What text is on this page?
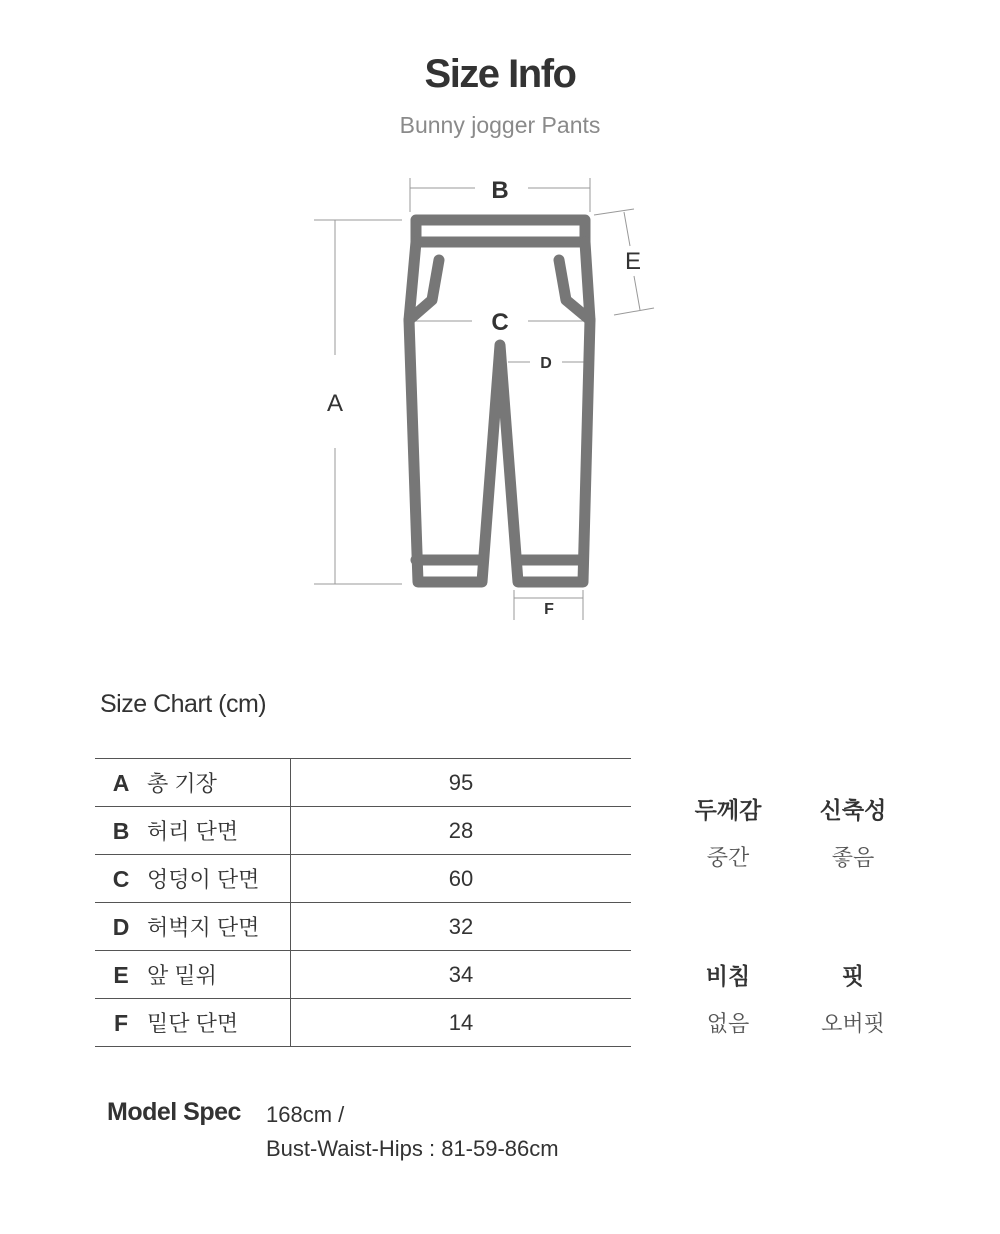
Size Info
Bunny jogger Pants
B
A
C
D
E
F
Size Chart (cm)
A 총 기장	95
B 허리 단면	28
C 엉덩이 단면	60
D 허벅지 단면	32
E 앞 밑위	34
F 밑단 단면	14
두께감
중간
신축성
좋음
비침
없음
핏
오버핏
Model Spec 168cm /
Bust-Waist-Hips : 81-59-86cm
